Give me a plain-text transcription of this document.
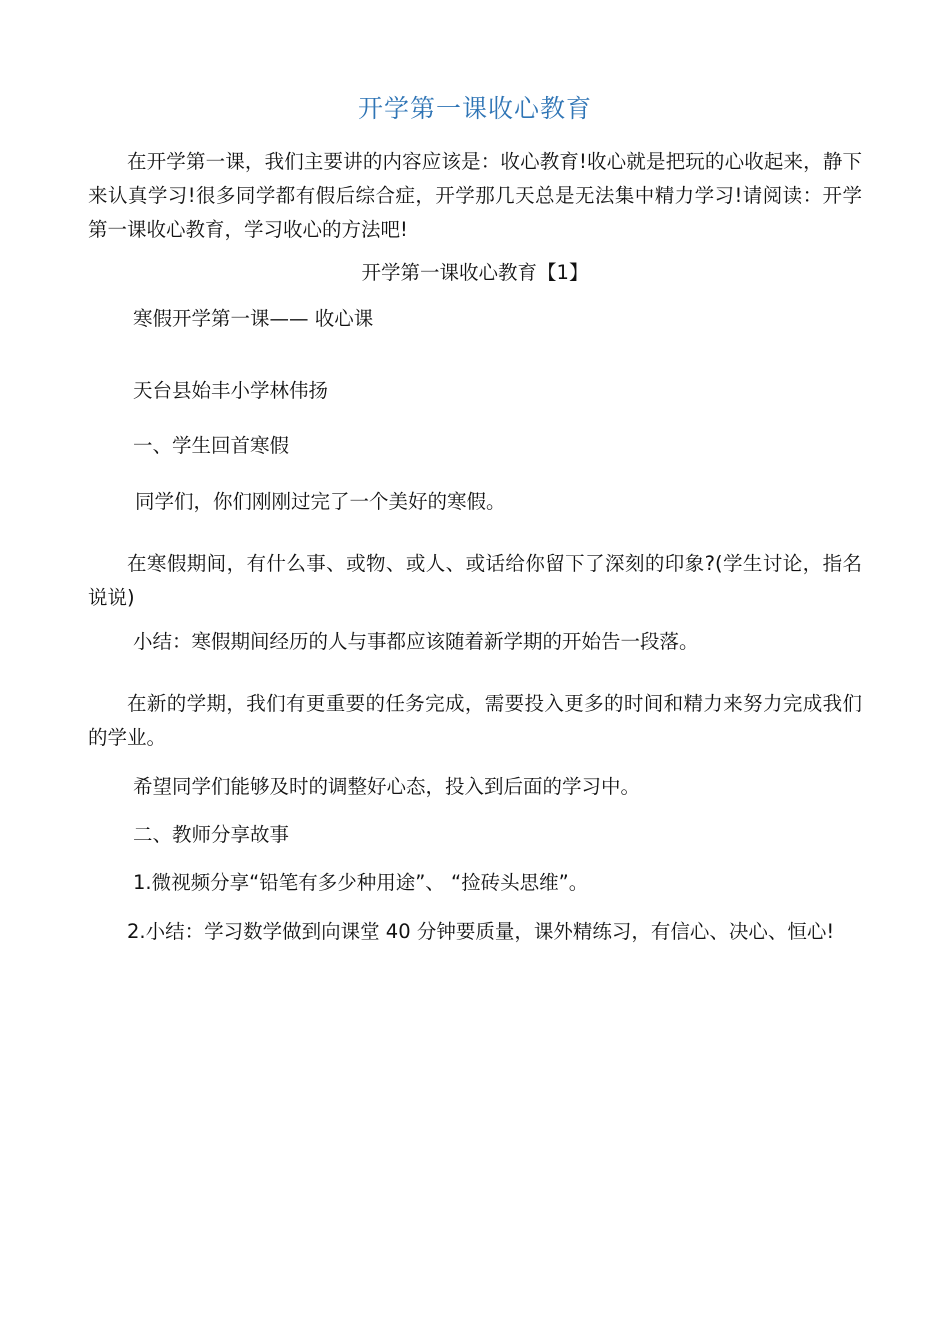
开学第一课收心教育

在开学第一课，我们主要讲的内容应该是：收心教育!收心就是把玩的心收起来，静下来认真学习!很多同学都有假后综合症，开学那几天总是无法集中精力学习!请阅读：开学第一课收心教育，学习收心的方法吧!

开学第一课收心教育【1】
寒假开学第一课—— 收心课
天台县始丰小学林伟扬
一、学生回首寒假
同学们，你们刚刚过完了一个美好的寒假。

在寒假期间，有什么事、或物、或人、或话给你留下了深刻的印象?(学生讨论，指名说说)

小结：寒假期间经历的人与事都应该随着新学期的开始告一段落。

在新的学期，我们有更重要的任务完成，需要投入更多的时间和精力来努力完成我们的学业。

希望同学们能够及时的调整好心态，投入到后面的学习中。
二、教师分享故事
1.微视频分享“铅笔有多少种用途”、 “捡砖头思维”。

2.小结：学习数学做到向课堂 40 分钟要质量，课外精练习，有信心、决心、恒心!
